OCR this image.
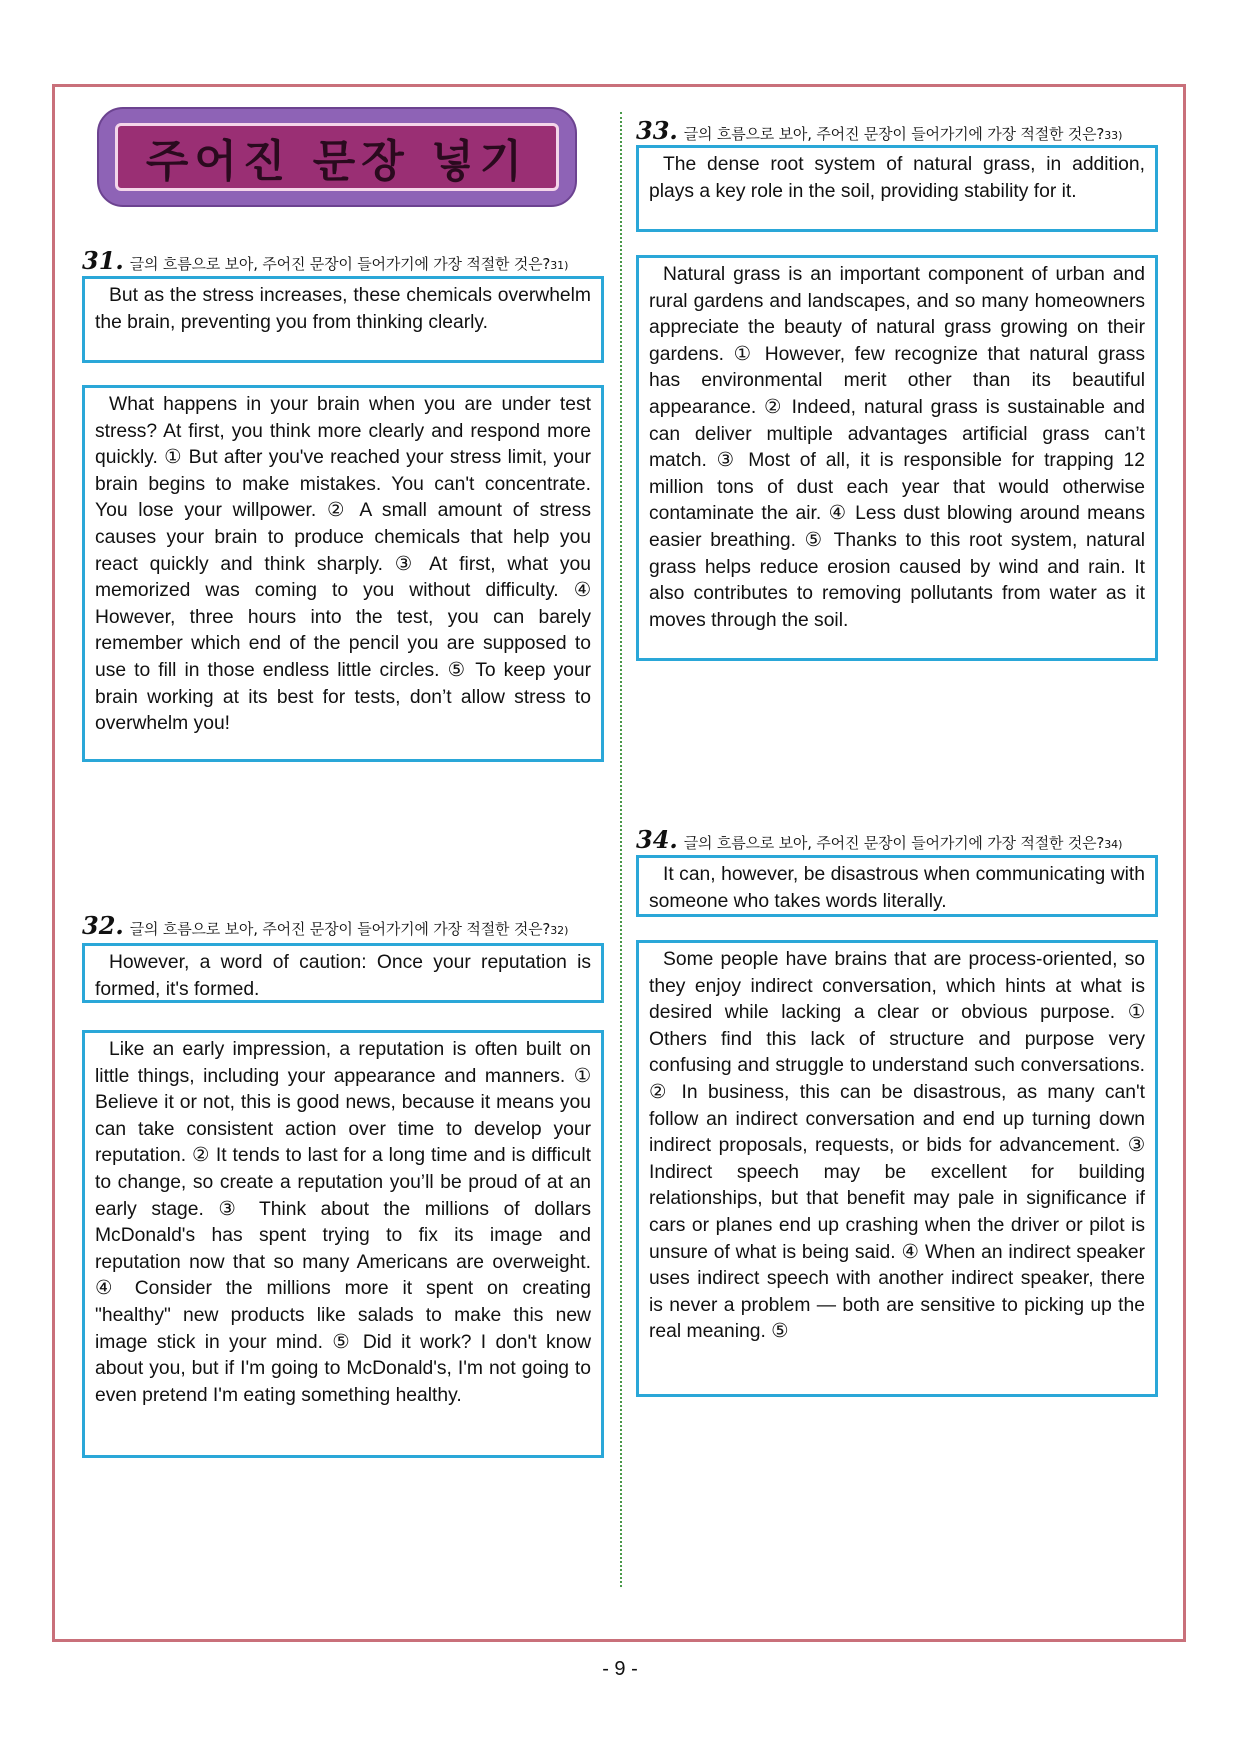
주어진 문장 넣기
31. 글의 흐름으로 보아, 주어진 문장이 들어가기에 가장 적절한 것은? 31)
But as the stress increases, these chemicals overwhelm the brain, preventing you from thinking clearly.
What happens in your brain when you are under test stress? At first, you think more clearly and respond more quickly. ① But after you've reached your stress limit, your brain begins to make mistakes. You can't concentrate. You lose your willpower. ② A small amount of stress causes your brain to produce chemicals that help you react quickly and think sharply. ③ At first, what you memorized was coming to you without difficulty. ④ However, three hours into the test, you can barely remember which end of the pencil you are supposed to use to fill in those endless little circles. ⑤ To keep your brain working at its best for tests, don’t allow stress to overwhelm you!
32. 글의 흐름으로 보아, 주어진 문장이 들어가기에 가장 적절한 것은? 32)
However, a word of caution: Once your reputation is formed, it's formed.
Like an early impression, a reputation is often built on little things, including your appearance and manners. ① Believe it or not, this is good news, because it means you can take consistent action over time to develop your reputation. ② It tends to last for a long time and is difficult to change, so create a reputation you’ll be proud of at an early stage. ③ Think about the millions of dollars McDonald's has spent trying to fix its image and reputation now that so many Americans are overweight. ④ Consider the millions more it spent on creating "healthy" new products like salads to make this new image stick in your mind. ⑤ Did it work? I don't know about you, but if I'm going to McDonald's, I'm not going to even pretend I'm eating something healthy.
33. 글의 흐름으로 보아, 주어진 문장이 들어가기에 가장 적절한 것은? 33)
The dense root system of natural grass, in addition, plays a key role in the soil, providing stability for it.
Natural grass is an important component of urban and rural gardens and landscapes, and so many homeowners appreciate the beauty of natural grass growing on their gardens. ① However, few recognize that natural grass has environmental merit other than its beautiful appearance. ② Indeed, natural grass is sustainable and can deliver multiple advantages artificial grass can’t match. ③ Most of all, it is responsible for trapping 12 million tons of dust each year that would otherwise contaminate the air. ④ Less dust blowing around means easier breathing. ⑤ Thanks to this root system, natural grass helps reduce erosion caused by wind and rain. It also contributes to removing pollutants from water as it moves through the soil.
34. 글의 흐름으로 보아, 주어진 문장이 들어가기에 가장 적절한 것은? 34)
It can, however, be disastrous when communicating with someone who takes words literally.
Some people have brains that are process-oriented, so they enjoy indirect conversation, which hints at what is desired while lacking a clear or obvious purpose. ① Others find this lack of structure and purpose very confusing and struggle to understand such conversations. ② In business, this can be disastrous, as many can't follow an indirect conversation and end up turning down indirect proposals, requests, or bids for advancement. ③ Indirect speech may be excellent for building relationships, but that benefit may pale in significance if cars or planes end up crashing when the driver or pilot is unsure of what is being said. ④ When an indirect speaker uses indirect speech with another indirect speaker, there is never a problem — both are sensitive to picking up the real meaning. ⑤
- 9 -
